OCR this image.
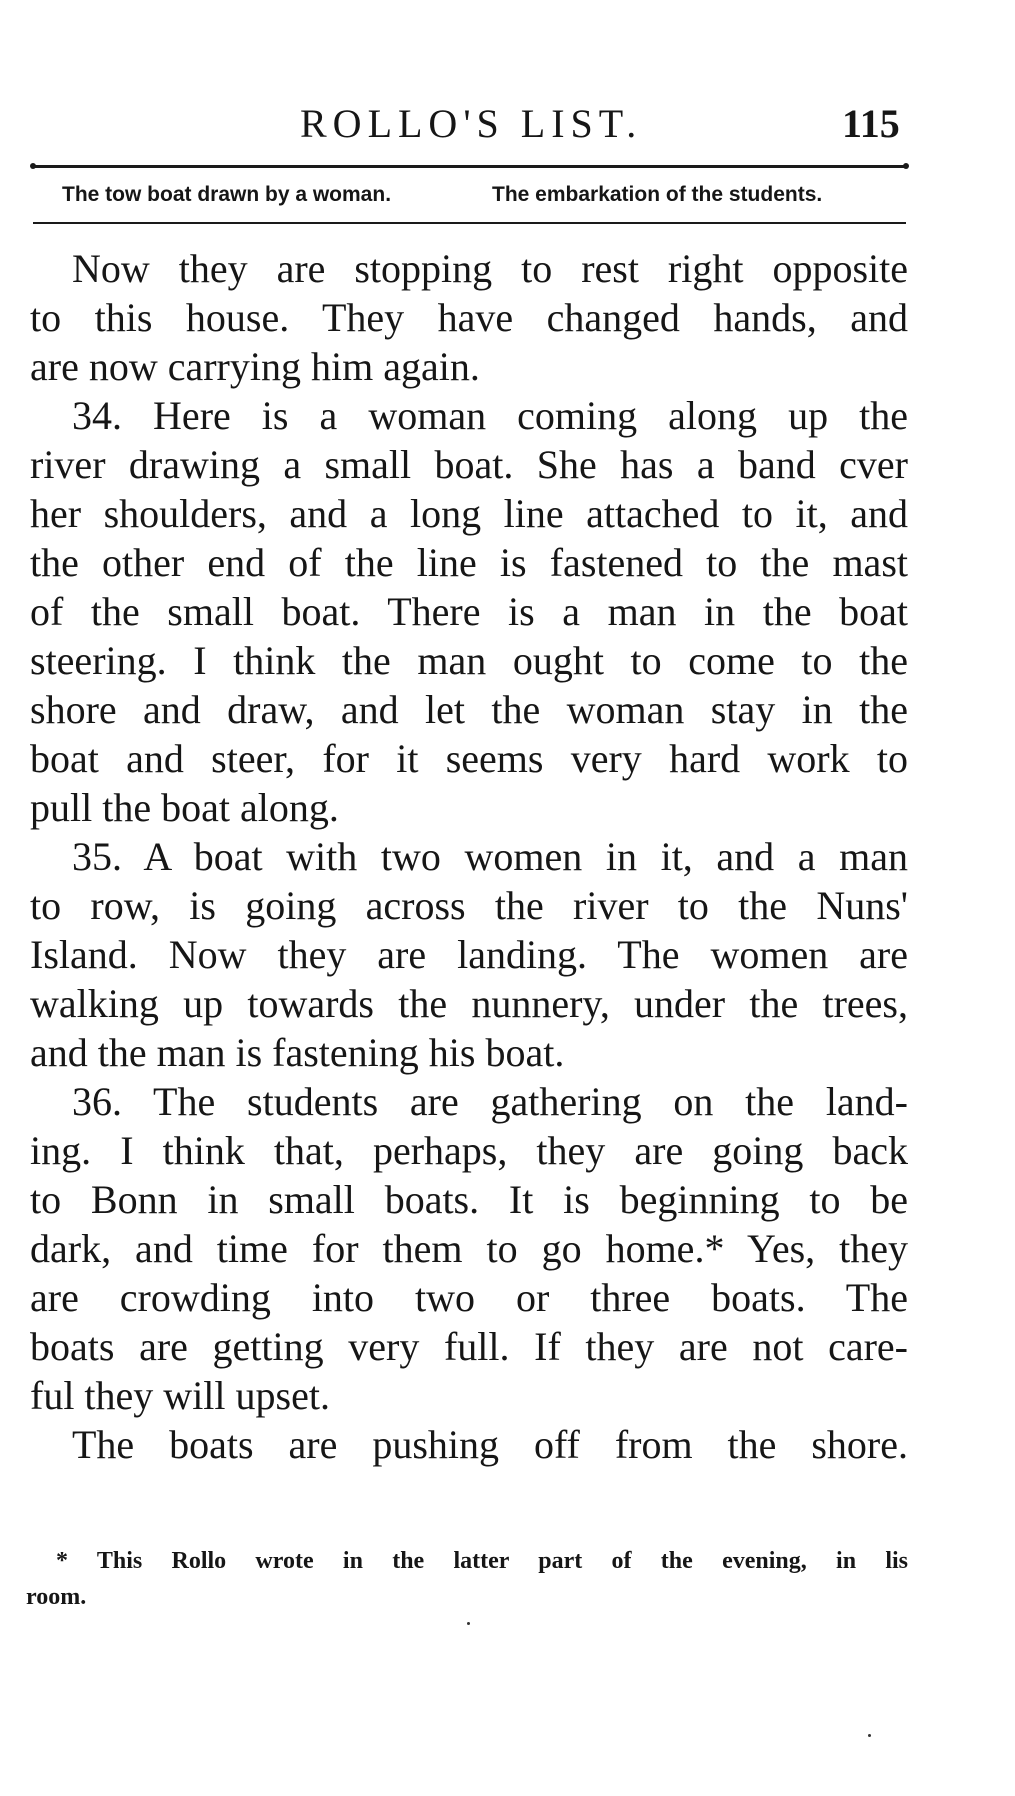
ROLLO'S LIST.	115
The tow boat drawn by a woman.	The embarkation of the students.
Now they are stopping to rest right opposite
to this house. They have changed hands, and
are now carrying him again.
34. Here is a woman coming along up the
river drawing a small boat. She has a band cver
her shoulders, and a long line attached to it, and
the other end of the line is fastened to the mast
of the small boat. There is a man in the boat
steering. I think the man ought to come to the
shore and draw, and let the woman stay in the
boat and steer, for it seems very hard work to
pull the boat along.
35. A boat with two women in it, and a man
to row, is going across the river to the Nuns'
Island. Now they are landing. The women are
walking up towards the nunnery, under the trees,
and the man is fastening his boat.
36. The students are gathering on the land-
ing. I think that, perhaps, they are going back
to Bonn in small boats. It is beginning to be
dark, and time for them to go home.* Yes, they
are crowding into two or three boats. The
boats are getting very full. If they are not care-
ful they will upset.
The boats are pushing off from the shore.
* This Rollo wrote in the latter part of the evening, in lis
room.
